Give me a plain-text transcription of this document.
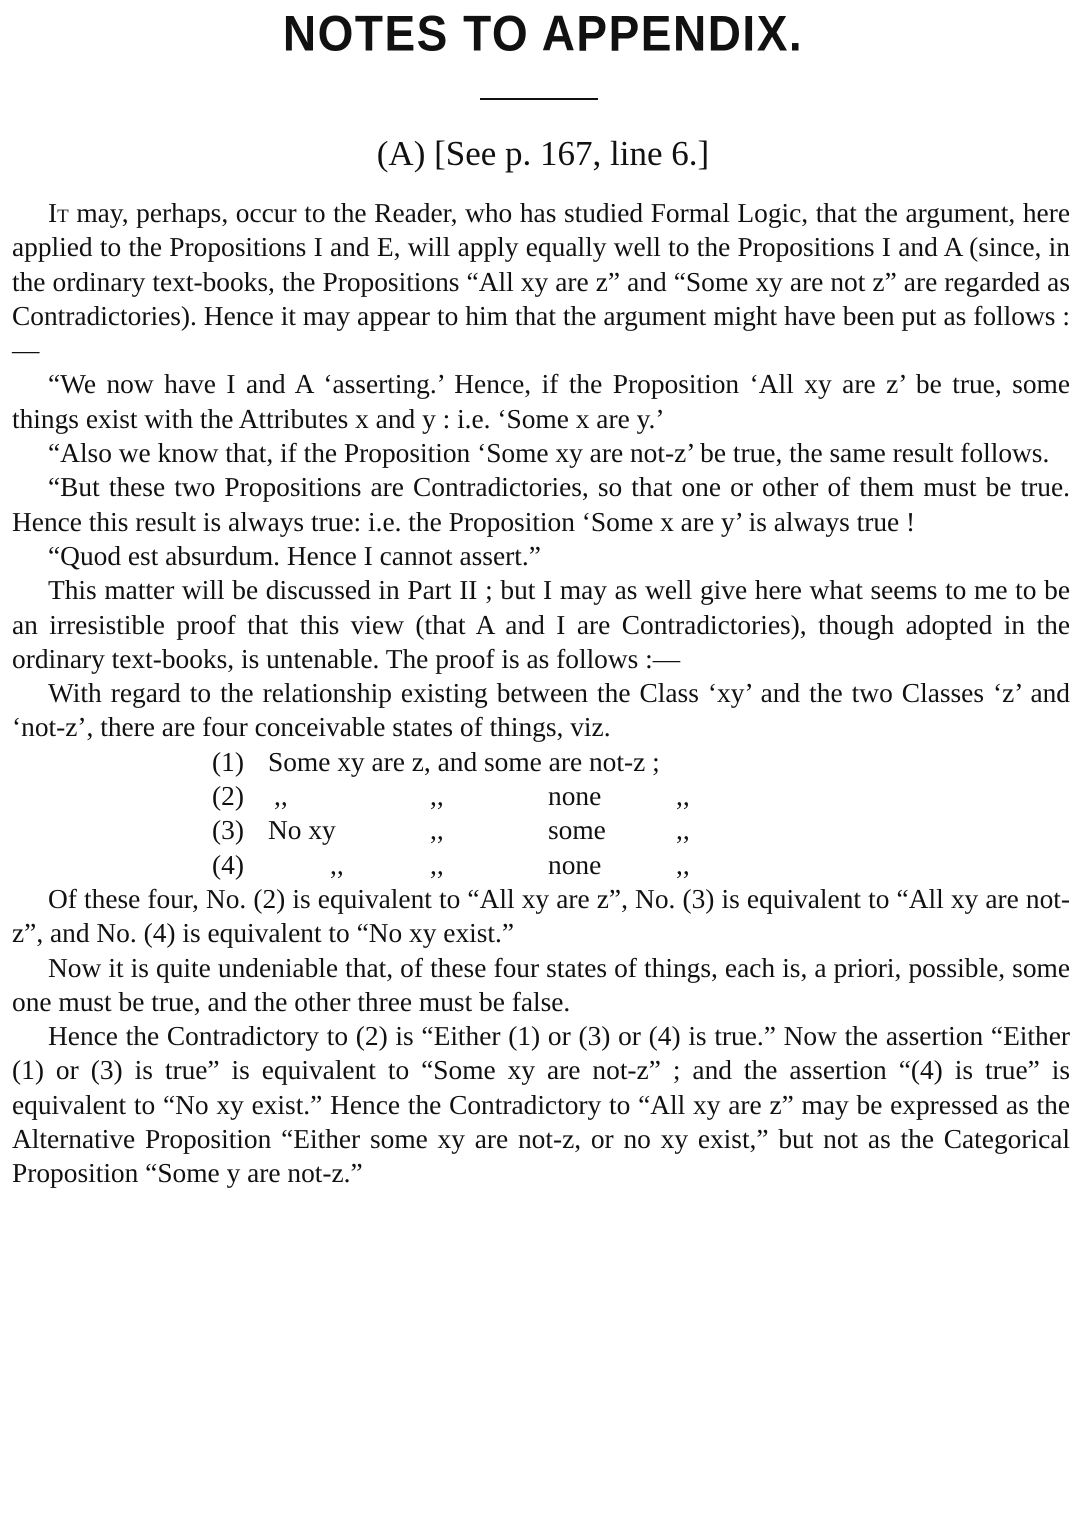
NOTES TO APPENDIX.
(A) [See p. 167, line 6.]

It may, perhaps, occur to the Reader, who has studied Formal Logic, that the argument, here applied to the Propositions I and E, will apply equally well to the Propositions I and A (since, in the ordinary text-books, the Propositions “All xy are z” and “Some xy are not z” are regarded as Contradictories). Hence it may appear to him that the argument might have been put as follows :—

“We now have I and A ‘asserting.’ Hence, if the Proposition ‘All xy are z’ be true, some things exist with the Attributes x and y : i.e. ‘Some x are y.’

“Also we know that, if the Proposition ‘Some xy are not-z’ be true, the same result follows.

“But these two Propositions are Contradictories, so that one or other of them must be true. Hence this result is always true: i.e. the Proposition ‘Some x are y’ is always true !

“Quod est absurdum. Hence I cannot assert.”

This matter will be discussed in Part II ; but I may as well give here what seems to me to be an irresistible proof that this view (that A and I are Contradictories), though adopted in the ordinary text-books, is untenable. The proof is as follows :—

With regard to the relationship existing between the Class ‘xy’ and the two Classes ‘z’ and ‘not-z’, there are four conceivable states of things, viz.

(1) Some xy are z, and some are not-z ;
(2) ,,	,,	none	,,
(3) No xy	,,	some	,,
(4)	,,	,,	none	,,

Of these four, No. (2) is equivalent to “All xy are z”, No. (3) is equivalent to “All xy are not-z”, and No. (4) is equivalent to “No xy exist.”

Now it is quite undeniable that, of these four states of things, each is, a priori, possible, some one must be true, and the other three must be false.

Hence the Contradictory to (2) is “Either (1) or (3) or (4) is true.” Now the assertion “Either (1) or (3) is true” is equivalent to “Some xy are not-z” ; and the assertion “(4) is true” is equivalent to “No xy exist.” Hence the Contradictory to “All xy are z” may be expressed as the Alternative Proposition “Either some xy are not-z, or no xy exist,” but not as the Categorical Proposition “Some y are not-z.”
